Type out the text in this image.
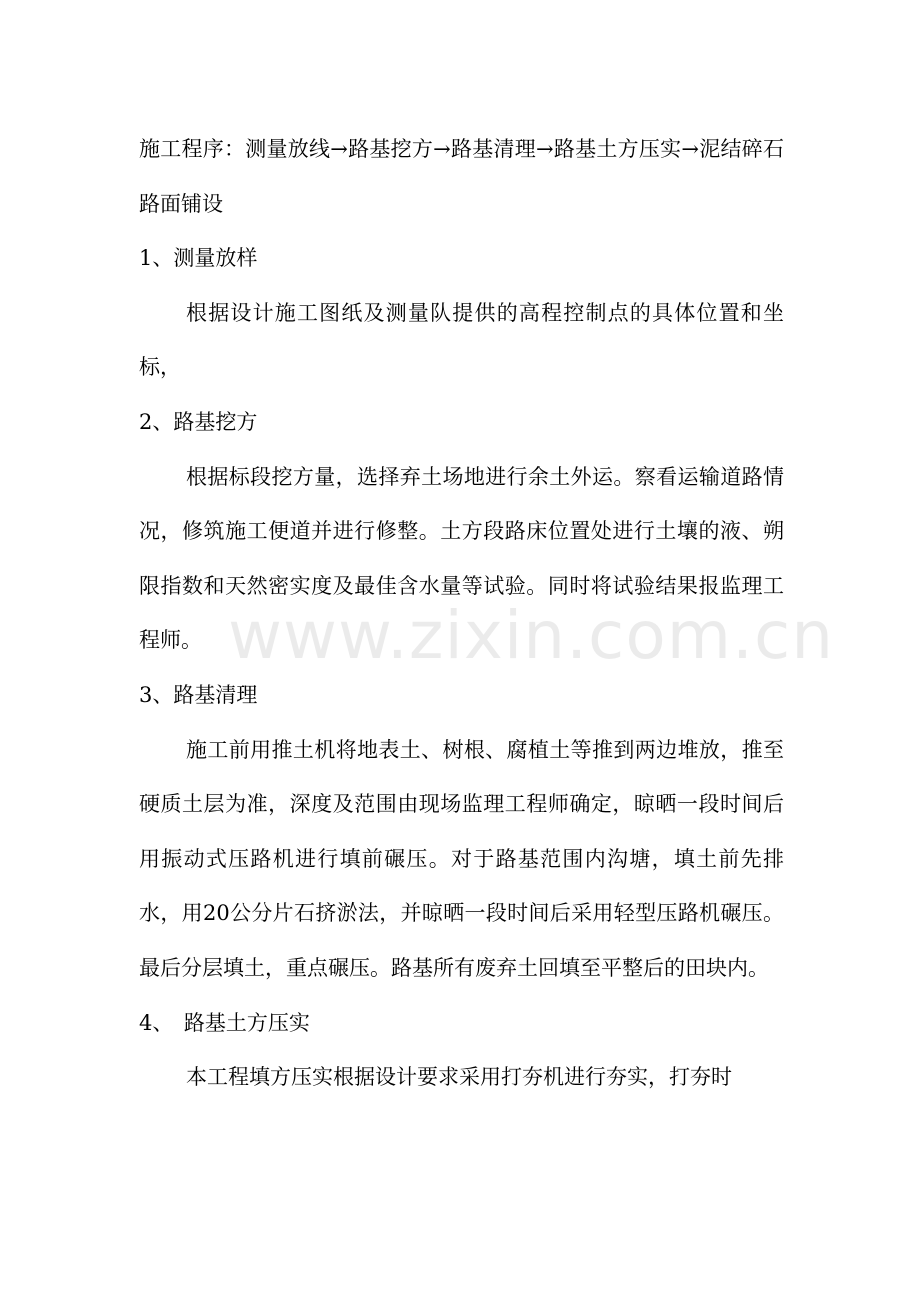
施工程序：测量放线→路基挖方→路基清理→路基土方压实→泥结碎石路面铺设

1、测量放样

根据设计施工图纸及测量队提供的高程控制点的具体位置和坐标，

2、路基挖方

根据标段挖方量，选择弃土场地进行余土外运。察看运输道路情况，修筑施工便道并进行修整。土方段路床位置处进行土壤的液、朔限指数和天然密实度及最佳含水量等试验。同时将试验结果报监理工程师。

3、路基清理

施工前用推土机将地表土、树根、腐植土等推到两边堆放，推至硬质土层为准，深度及范围由现场监理工程师确定，晾晒一段时间后用振动式压路机进行填前碾压。对于路基范围内沟塘，填土前先排水，用20公分片石挤淤法，并晾晒一段时间后采用轻型压路机碾压。最后分层填土，重点碾压。路基所有废弃土回填至平整后的田块内。

4、　路基土方压实

本工程填方压实根据设计要求采用打夯机进行夯实，打夯时

www.zixin.com.cn
